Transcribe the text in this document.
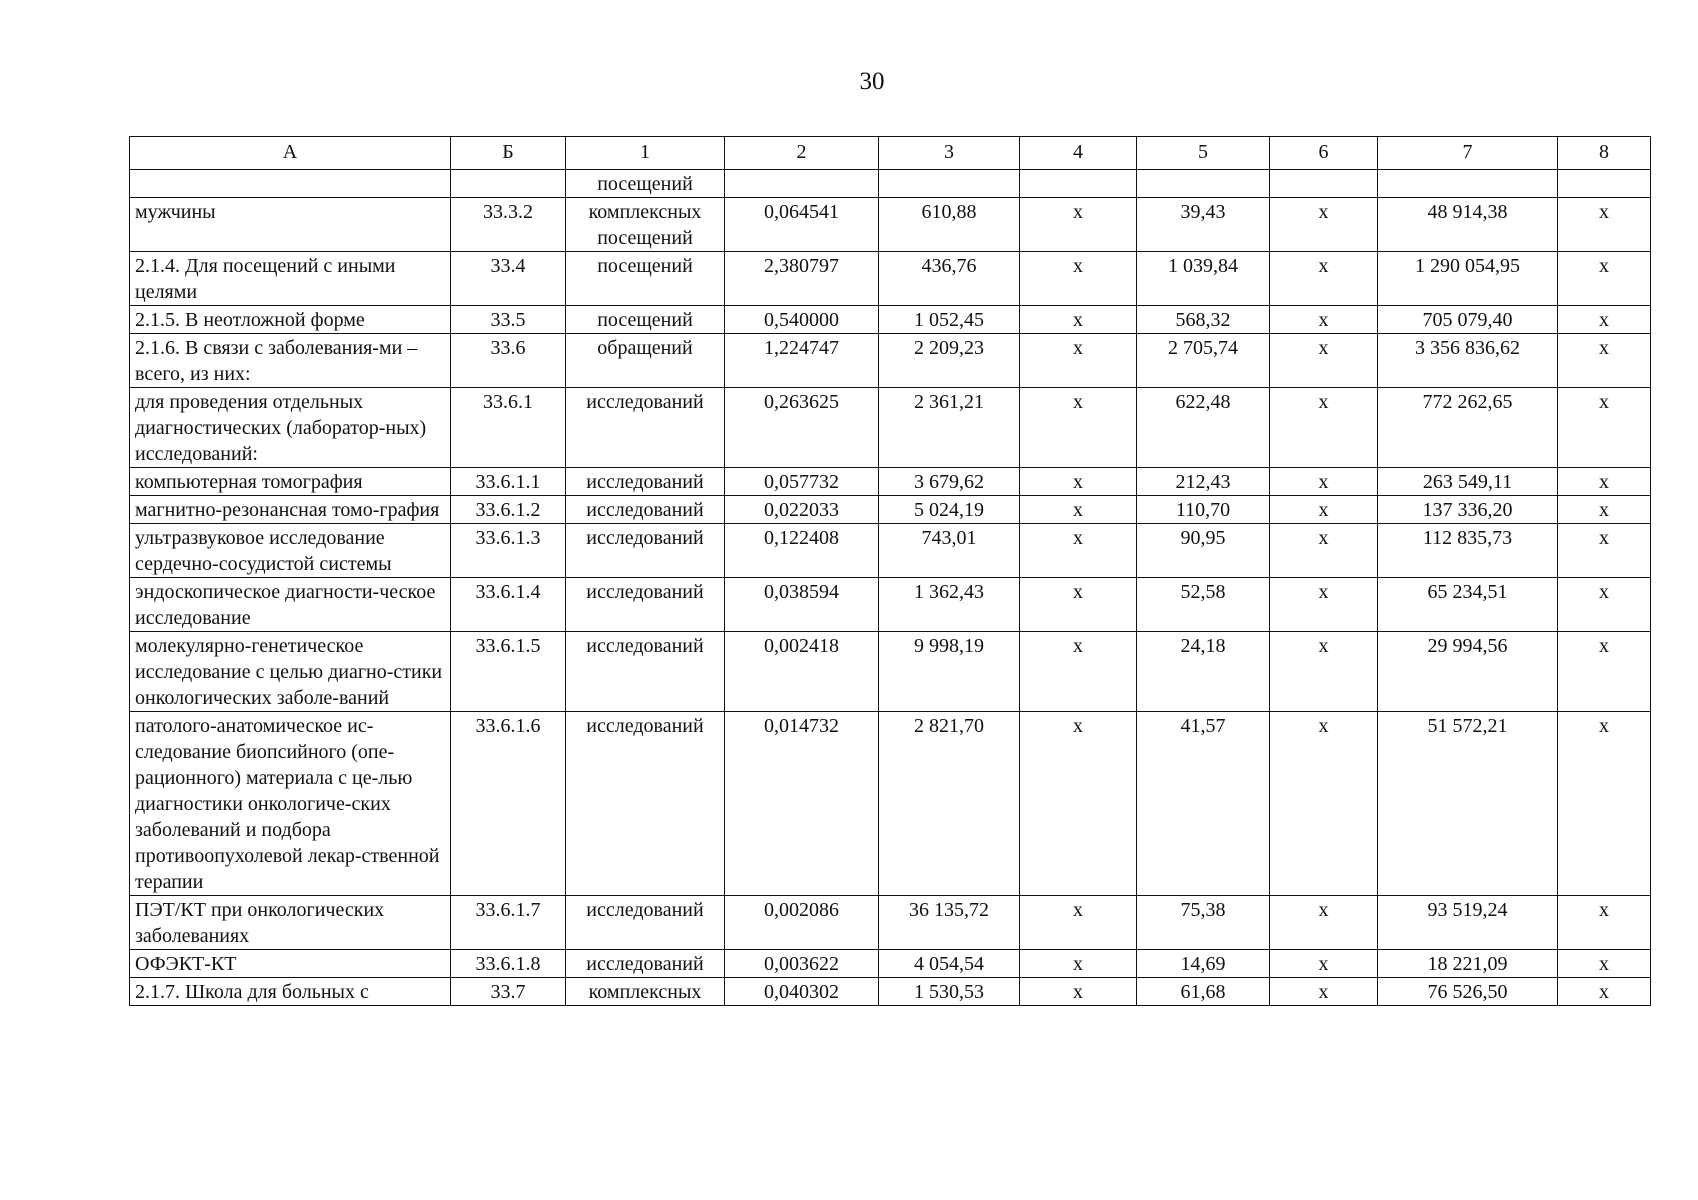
30
А	Б	1	2	3	4	5	6	7	8
		посещений							
мужчины	33.3.2	комплексных посещений	0,064541	610,88	х	39,43	х	48 914,38	х
2.1.4. Для посещений с иными целями	33.4	посещений	2,380797	436,76	х	1 039,84	х	1 290 054,95	х
2.1.5. В неотложной форме	33.5	посещений	0,540000	1 052,45	х	568,32	х	705 079,40	х
2.1.6. В связи с заболевания-ми – всего, из них:	33.6	обращений	1,224747	2 209,23	х	2 705,74	х	3 356 836,62	х
для проведения отдельных диагностических (лаборатор-ных) исследований:	33.6.1	исследований	0,263625	2 361,21	х	622,48	х	772 262,65	х
компьютерная томография	33.6.1.1	исследований	0,057732	3 679,62	х	212,43	х	263 549,11	х
магнитно-резонансная томо-графия	33.6.1.2	исследований	0,022033	5 024,19	х	110,70	х	137 336,20	х
ультразвуковое исследование сердечно-сосудистой системы	33.6.1.3	исследований	0,122408	743,01	х	90,95	х	112 835,73	х
эндоскопическое диагности-ческое исследование	33.6.1.4	исследований	0,038594	1 362,43	х	52,58	х	65 234,51	х
молекулярно-генетическое исследование с целью диагно-стики онкологических заболе-ваний	33.6.1.5	исследований	0,002418	9 998,19	х	24,18	х	29 994,56	х
патолого-анатомическое ис-следование биопсийного (опе-рационного) материала с це-лью диагностики онкологиче-ских заболеваний и подбора противоопухолевой лекар-ственной терапии	33.6.1.6	исследований	0,014732	2 821,70	х	41,57	х	51 572,21	х
ПЭТ/КТ при онкологических заболеваниях	33.6.1.7	исследований	0,002086	36 135,72	х	75,38	х	93 519,24	х
ОФЭКТ-КТ	33.6.1.8	исследований	0,003622	4 054,54	х	14,69	х	18 221,09	х
2.1.7. Школа для больных с	33.7	комплексных	0,040302	1 530,53	х	61,68	х	76 526,50	х
